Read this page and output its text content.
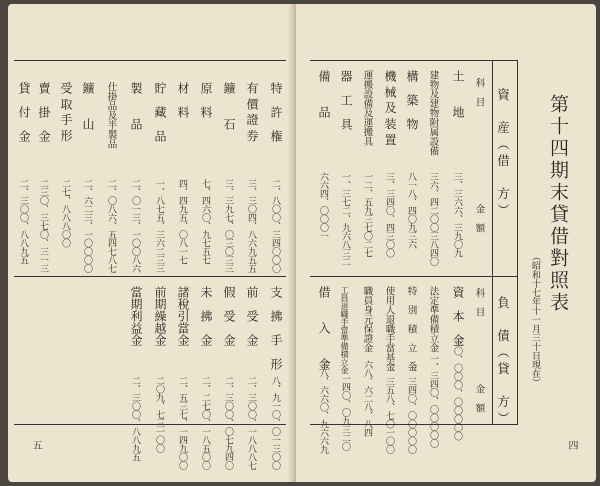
特　許　権
二、八〇〇、三四〇〇〇
有 價 證 券
三、三〇四、八六九五五
鑛　　石
三、三九七、〇三〇三三
原　料
七、四六〇、九七五七
材　料
四、四九五、〇八一七
貯　藏　品
一、八七五、三六二三三
製　　品
二、〇一三、一〇〇八六
仕掛品及半製品
二、〇八六、五四七八七
鑛　　山
二、六二三、一〇〇〇〇
受 取 手 形
二七、八八八〇〇
賣　掛　金
二三〇、三七〇、三一三
貸　付　金
二、三〇〇、八八九五
支　拂　手　形
八、九一〇、〇一三〇〇
前　受　金
二、三〇〇、一八八八七
假　受　金
二、三〇〇、〇七九四〇
未　拂　金
二、二七〇、一八五〇〇
諸稅引當金
二、五三七、一四九〇〇
前期繰越金
二〇九、七三一〇〇
當期利益金
二、三〇〇、八八九五
五
第十四期末貸借對照表
（昭和十七年十一月三十日現在）
四
資　産（借　方）
負　債（貸　方）
科　目
金　額
科　目
金　額
土　　地
三、三六六、三九〇九
建物及建物附属設備
三六、四二〇〇三八四〇
構　築　物
八一八、四〇九三六
機 械 及 装 置
三、三四〇、四三〇〇
運搬設備及運搬具
一二、五九三七〇二七
器　工　具
一、三七二、九六八三二
備　　品
六六四、〇〇〇一
資　本　金
三〇、〇〇〇、〇〇〇〇〇
法定準備積立金
一、三四〇、〇〇〇〇〇
特　別　積　立　金
二、三四〇、〇〇〇〇〇
使用人退職手當基金
一、三五八、七〇一〇〇
職員身元保證金
六八、六二八、八四
工員退職手當準備積立金
一四〇、〇九三二〇
借　　入　　金
三八、六六〇、九六六九
